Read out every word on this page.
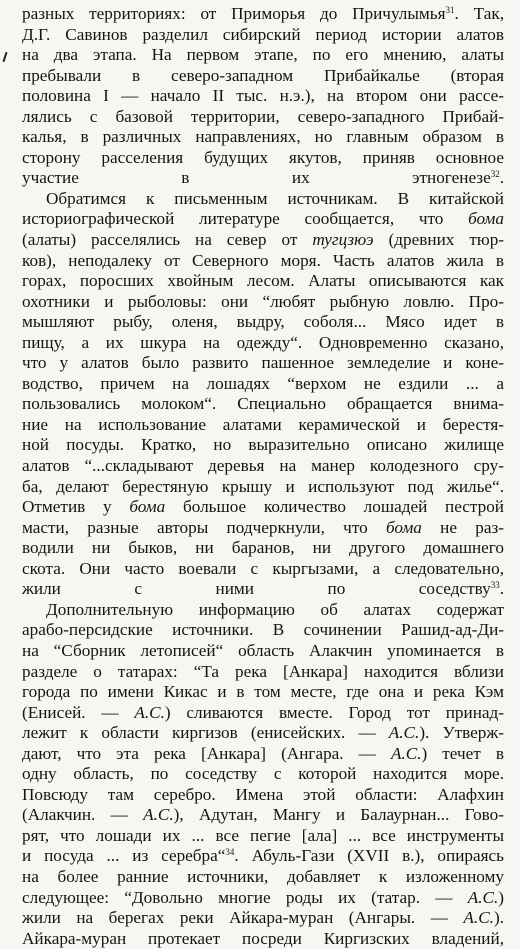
разных территориях: от Приморья до Причулымья$^{31}$. Так,
Д.Г. Савинов разделил сибирский период истории алатов
на два этапа. На первом этапе, по его мнению, алаты
пребывали в северо-западном Прибайкалье (вторая
половина I — начало II тыс. н.э.), на втором они рассе-
лялись с базовой территории, северо-западного Прибай-
калья, в различных направлениях, но главным образом в
сторону расселения будущих якутов, приняв основное
участие в их этногенезе$^{32}$.

Обратимся к письменным источникам. В китайской
историографической литературе сообщается, что бома
(алаты) расселялись на север от тугцзюэ (древних тюр-
ков), неподалеку от Северного моря. Часть алатов жила в
горах, поросших хвойным лесом. Алаты описываются как
охотники и рыболовы: они “любят рыбную ловлю. Про-
мышляют рыбу, оленя, выдру, соболя... Мясо идет в
пищу, а их шкура на одежду“. Одновременно сказано,
что у алатов было развито пашенное земледелие и коне-
водство, причем на лошадях “верхом не ездили ... а
пользовались молоком“. Специально обращается внима-
ние на использование алатами керамической и берестя-
ной посуды. Кратко, но выразительно описано жилище
алатов “...складывают деревья на манер колодезного сру-
ба, делают берестяную крышу и используют под жилье“.
Отметив у бома большое количество лошадей пестрой
масти, разные авторы подчеркнули, что бома не раз-
водили ни быков, ни баранов, ни другого домашнего
скота. Они часто воевали с кыргызами, а следовательно,
жили с ними по соседству$^{33}$.

Дополнительную информацию об алатах содержат
арабо-персидские источники. В сочинении Рашид-ад-Ди-
на “Сборник летописей“ область Алакчин упоминается в
разделе о татарах: “Та река [Анкара] находится вблизи
города по имени Кикас и в том месте, где она и река Кэм
(Енисей. — А.С.) сливаются вместе. Город тот принад-
лежит к области киргизов (енисейских. — А.С.). Утверж-
дают, что эта река [Анкара] (Ангара. — А.С.) течет в
одну область, по соседству с которой находится море.
Повсюду там серебро. Имена этой области: Алафхин
(Алакчин. — А.С.), Адутан, Мангу и Балаурнан... Гово-
рят, что лошади их ... все пегие [ала] ... все инструменты
и посуда ... из серебра“$^{34}$. Абуль-Гази (XVII в.), опираясь
на более ранние источники, добавляет к изложенному
следующее: “Довольно многие роды их (татар. — А.С.)
жили на берегах реки Айкара-муран (Ангары. — А.С.).
Айкара-муран протекает посреди Киргизских владений,
